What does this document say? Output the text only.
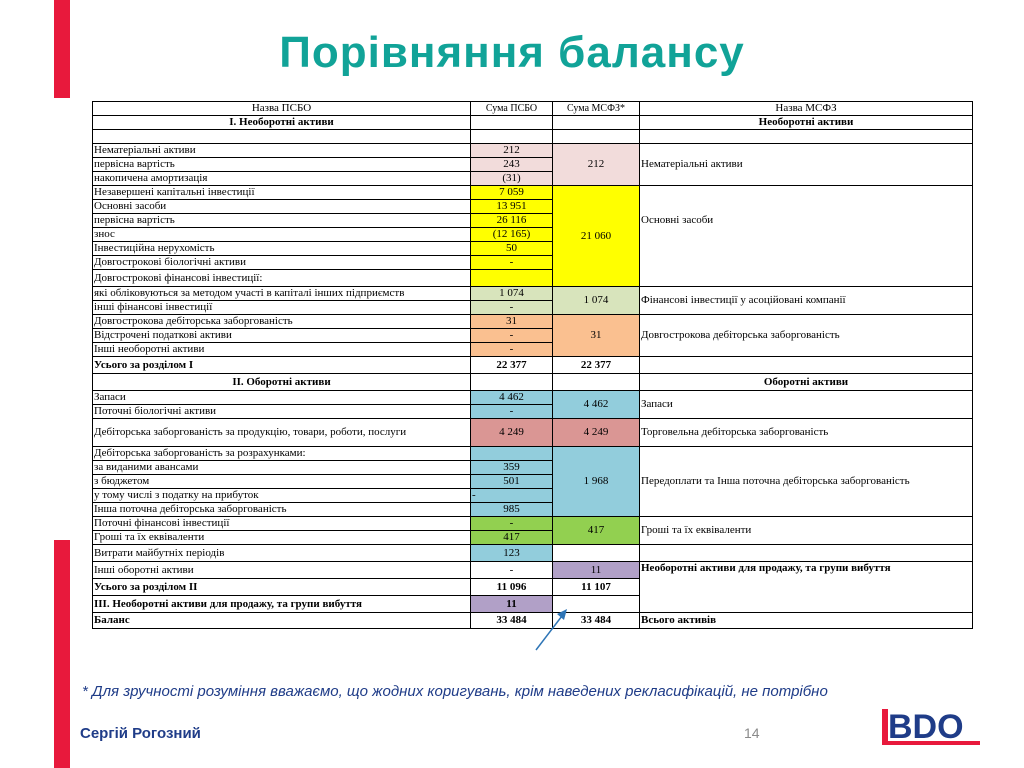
Порівняння балансу
Назва ПСБО	Сума ПСБО	Сума МСФЗ*	Назва МСФЗ
І. Необоротні активи			Необоротні активи

Нематеріальні активи	212	212	Нематеріальні активи
первісна вартість	243		
накопичена амортизація	(31)		
Незавершені капітальні інвестиції	7 059	21 060	Основні засоби
Основні засоби	13 951		
первісна вартість	26 116		
знос	(12 165)		
Інвестиційна нерухомість	50		
Довгострокові біологічні активи	-		
Довгострокові фінансові інвестиції:			
які обліковуються за методом участі в капіталі інших підприємств	1 074	1 074	Фінансові інвестиції у асоційовані компанії
інші фінансові інвестиції	-		
Довгострокова дебіторська заборгованість	31	31	Довгострокова дебіторська заборгованість
Відстрочені податкові активи	-		
Інші необоротні активи	-		
Усього за розділом І	22 377	22 377	
ІІ. Оборотні активи			Оборотні активи
Запаси	4 462	4 462	Запаси
Поточні біологічні активи	-		
Дебіторська заборгованість за продукцію, товари, роботи, послуги	4 249	4 249	Торговельна дебіторська заборгованість
Дебіторська заборгованість за розрахунками:		1 968	Передоплати та Інша поточна дебіторська заборгованість
за виданими авансами	359		
з бюджетом	501		
у тому числі з податку на прибуток	-		
Інша поточна дебіторська заборгованість	985		
Поточні фінансові інвестиції	-	417	Гроші та їх еквіваленти
Гроші та їх еквіваленти	417		
Витрати майбутніх періодів	123		
Інші оборотні активи	-	11	Необоротні активи для продажу, та групи вибуття
Усього за розділом ІІ	11 096	11 107	
ІІІ. Необоротні активи для продажу, та групи вибуття	11		
Баланс	33 484	33 484	Всього активів
* Для зручності розуміння вважаємо, що жодних коригувань, крім наведених рекласифікацій, не потрібно
Сергій Рогозний	14	BDO
